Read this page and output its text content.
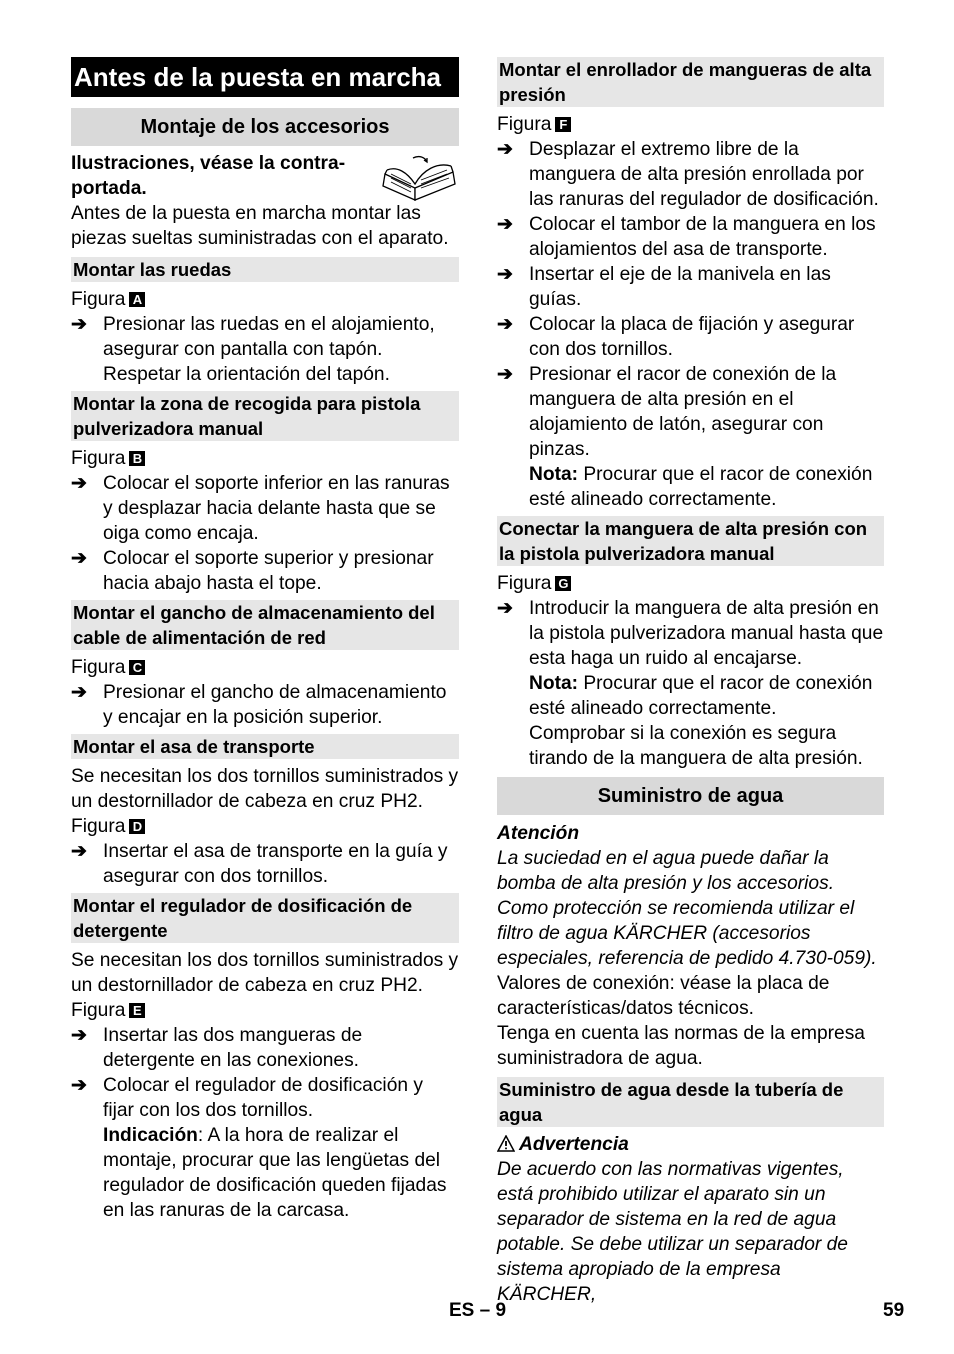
Antes de la puesta en marcha
Montaje de los accesorios

Ilustraciones, véase la contra-portada.

Antes de la puesta en marcha montar las piezas sueltas suministradas con el aparato.

Montar las ruedas

Figura A

➔ Presionar las ruedas en el alojamiento, asegurar con pantalla con tapón. Respetar la orientación del tapón.
Montar la zona de recogida para pistola pulverizadora manual

Figura B

➔ Colocar el soporte inferior en las ranuras y desplazar hacia delante hasta que se oiga como encaja.
➔ Colocar el soporte superior y presionar hacia abajo hasta el tope.
Montar el gancho de almacenamiento del cable de alimentación de red

Figura C

➔ Presionar el gancho de almacenamiento y encajar en la posición superior.
Montar el asa de transporte

Se necesitan los dos tornillos suministrados y un destornillador de cabeza en cruz PH2.

Figura D

➔ Insertar el asa de transporte en la guía y asegurar con dos tornillos.
Montar el regulador de dosificación de detergente

Se necesitan los dos tornillos suministrados y un destornillador de cabeza en cruz PH2.

Figura E

➔ Insertar las dos mangueras de detergente en las conexiones.
➔ Colocar el regulador de dosificación y fijar con los dos tornillos.
Indicación: A la hora de realizar el montaje, procurar que las lengüetas del regulador de dosificación queden fijadas en las ranuras de la carcasa.
Montar el enrollador de mangueras de alta presión

Figura F

➔ Desplazar el extremo libre de la manguera de alta presión enrollada por las ranuras del regulador de dosificación.
➔ Colocar el tambor de la manguera en los alojamientos del asa de transporte.
➔ Insertar el eje de la manivela en las guías.
➔ Colocar la placa de fijación y asegurar con dos tornillos.
➔ Presionar el racor de conexión de la manguera de alta presión en el alojamiento de latón, asegurar con pinzas.
Nota: Procurar que el racor de conexión esté alineado correctamente.
Conectar la manguera de alta presión con la pistola pulverizadora manual

Figura G

➔ Introducir la manguera de alta presión en la pistola pulverizadora manual hasta que esta haga un ruido al encajarse.
Nota: Procurar que el racor de conexión esté alineado correctamente.
Comprobar si la conexión es segura tirando de la manguera de alta presión.
Suministro de agua

Atención

La suciedad en el agua puede dañar la bomba de alta presión y los accesorios. Como protección se recomienda utilizar el filtro de agua KÄRCHER (accesorios especiales, referencia de pedido 4.730-059).

Valores de conexión: véase la placa de características/datos técnicos.

Tenga en cuenta las normas de la empresa suministradora de agua.

Suministro de agua desde la tubería de agua

Advertencia

De acuerdo con las normativas vigentes, está prohibido utilizar el aparato sin un separador de sistema en la red de agua potable. Se debe utilizar un separador de sistema apropiado de la empresa KÄRCHER,

ES – 9	59
